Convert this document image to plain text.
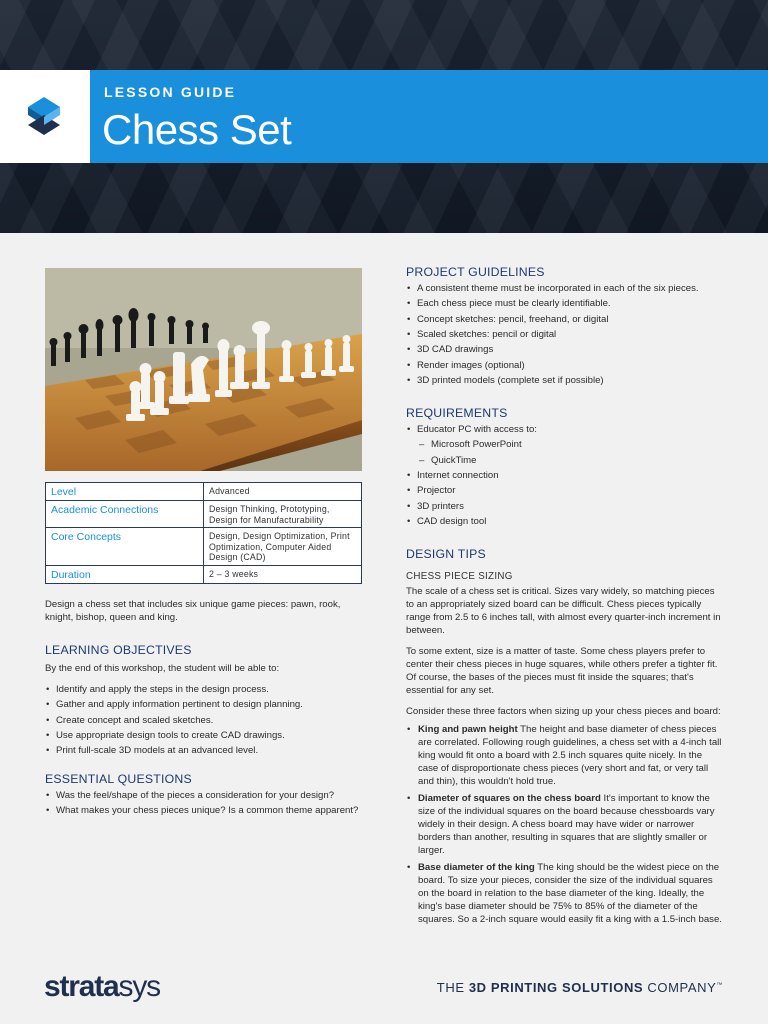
LESSON GUIDE
Chess Set
Level	Advanced
Academic Connections	Design Thinking, Prototyping, Design for Manufacturability
Core Concepts	Design, Design Optimization, Print Optimization, Computer Aided Design (CAD)
Duration	2 – 3 weeks
Design a chess set that includes six unique game pieces: pawn, rook, knight, bishop, queen and king.
LEARNING OBJECTIVES
By the end of this workshop, the student will be able to:
• Identify and apply the steps in the design process.
• Gather and apply information pertinent to design planning.
• Create concept and scaled sketches.
• Use appropriate design tools to create CAD drawings.
• Print full-scale 3D models at an advanced level.
ESSENTIAL QUESTIONS
• Was the feel/shape of the pieces a consideration for your design?
• What makes your chess pieces unique? Is a common theme apparent?
PROJECT GUIDELINES
• A consistent theme must be incorporated in each of the six pieces.
• Each chess piece must be clearly identifiable.
• Concept sketches: pencil, freehand, or digital
• Scaled sketches: pencil or digital
• 3D CAD drawings
• Render images (optional)
• 3D printed models (complete set if possible)
REQUIREMENTS
• Educator PC with access to:
– Microsoft PowerPoint
– QuickTime
• Internet connection
• Projector
• 3D printers
• CAD design tool
DESIGN TIPS
CHESS PIECE SIZING
The scale of a chess set is critical. Sizes vary widely, so matching pieces to an appropriately sized board can be difficult. Chess pieces typically range from 2.5 to 6 inches tall, with almost every quarter-inch increment in between.
To some extent, size is a matter of taste. Some chess players prefer to center their chess pieces in huge squares, while others prefer a tighter fit. Of course, the bases of the pieces must fit inside the squares; that's essential for any set.
Consider these three factors when sizing up your chess pieces and board:
• King and pawn height The height and base diameter of chess pieces are correlated. Following rough guidelines, a chess set with a 4-inch tall king would fit onto a board with 2.5 inch squares quite nicely. In the case of disproportionate chess pieces (very short and fat, or very tall and thin), this wouldn't hold true.
• Diameter of squares on the chess board It's important to know the size of the individual squares on the board because chessboards vary widely in their design. A chess board may have wider or narrower borders than another, resulting in squares that are slightly smaller or larger.
• Base diameter of the king The king should be the widest piece on the board. To size your pieces, consider the size of the individual squares on the board in relation to the base diameter of the king. Ideally, the king's base diameter should be 75% to 85% of the diameter of the squares. So a 2-inch square would easily fit a king with a 1.5-inch base.
stratasys	THE 3D PRINTING SOLUTIONS COMPANY™
